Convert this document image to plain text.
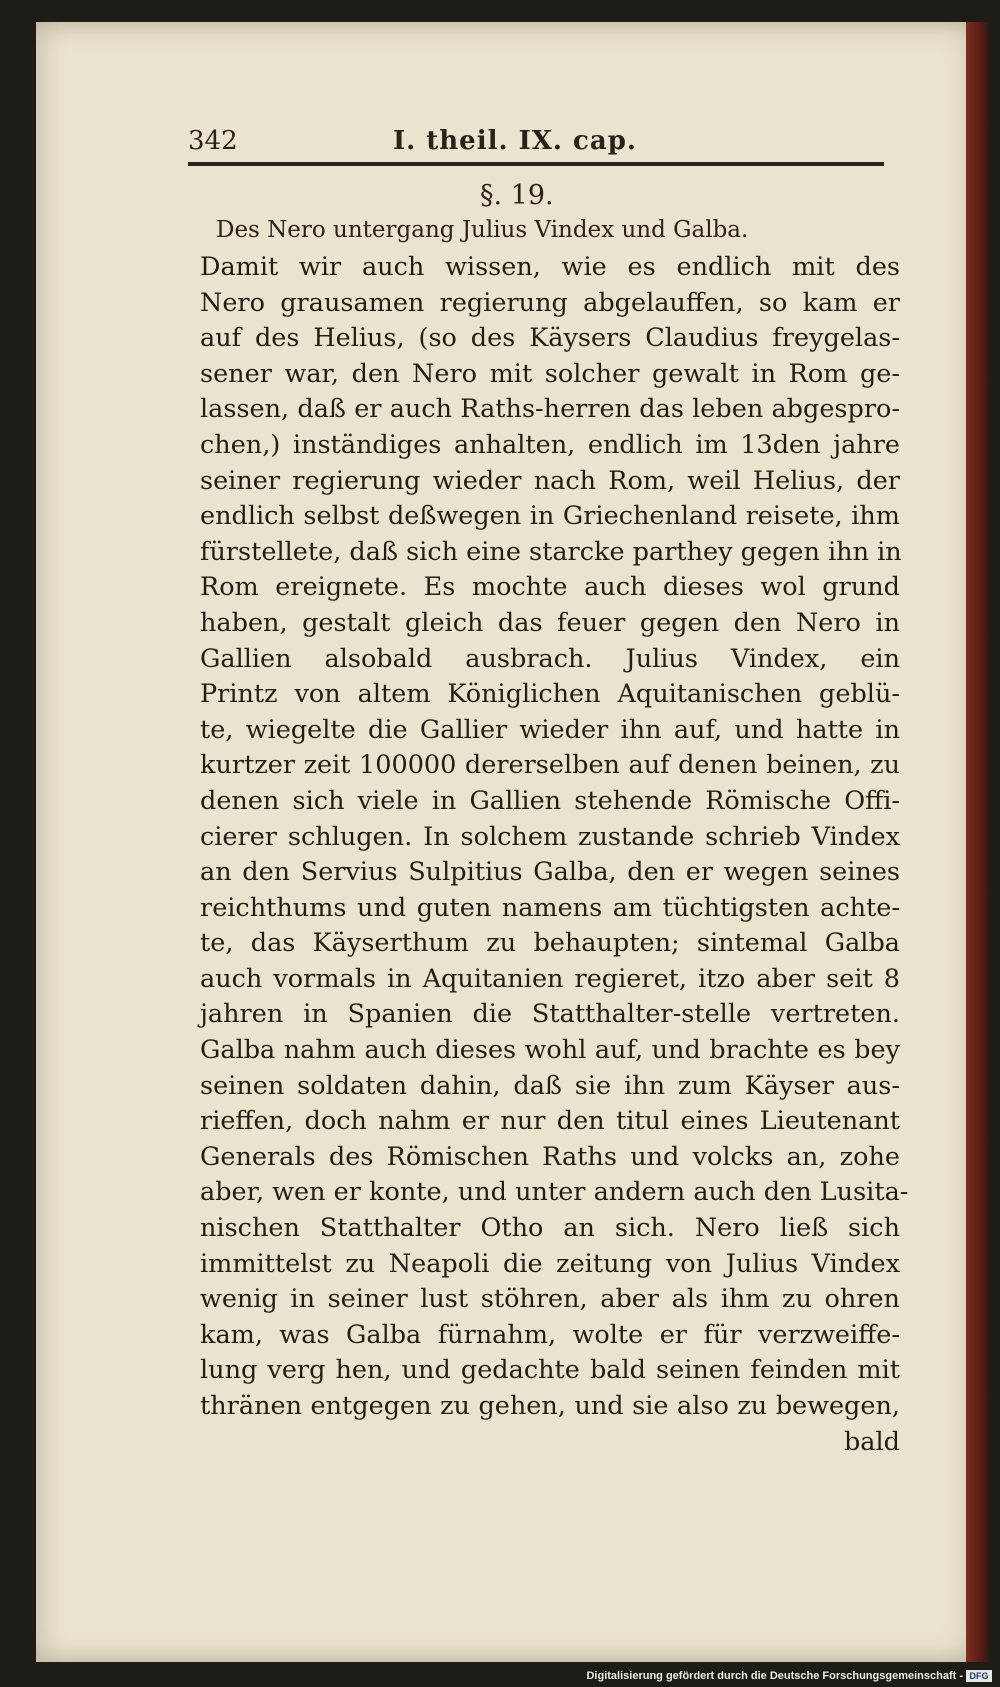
342	I. theil. IX. cap.
§. 19.
Des Nero untergang Julius Vindex und Galba.
Damit wir auch wissen, wie es endlich mit des
Nero grausamen regierung abgelauffen, so kam er
auf des Helius, (so des Käysers Claudius freygelas-
sener war, den Nero mit solcher gewalt in Rom ge-
lassen, daß er auch Raths-herren das leben abgespro-
chen,) inständiges anhalten, endlich im 13den jahre
seiner regierung wieder nach Rom, weil Helius, der
endlich selbst deßwegen in Griechenland reisete, ihm
fürstellete, daß sich eine starcke parthey gegen ihn in
Rom ereignete. Es mochte auch dieses wol grund
haben, gestalt gleich das feuer gegen den Nero in
Gallien alsobald ausbrach. Julius Vindex, ein
Printz von altem Königlichen Aquitanischen geblü-
te, wiegelte die Gallier wieder ihn auf, und hatte in
kurtzer zeit 100000 dererselben auf denen beinen, zu
denen sich viele in Gallien stehende Römische Offi-
cierer schlugen. In solchem zustande schrieb Vindex
an den Servius Sulpitius Galba, den er wegen seines
reichthums und guten namens am tüchtigsten achte-
te, das Käyserthum zu behaupten; sintemal Galba
auch vormals in Aquitanien regieret, itzo aber seit 8
jahren in Spanien die Statthalter-stelle vertreten.
Galba nahm auch dieses wohl auf, und brachte es bey
seinen soldaten dahin, daß sie ihn zum Käyser aus-
rieffen, doch nahm er nur den titul eines Lieutenant
Generals des Römischen Raths und volcks an, zohe
aber, wen er konte, und unter andern auch den Lusita-
nischen Statthalter Otho an sich. Nero ließ sich
immittelst zu Neapoli die zeitung von Julius Vindex
wenig in seiner lust stöhren, aber als ihm zu ohren
kam, was Galba fürnahm, wolte er für verzweiffe-
lung verg hen, und gedachte bald seinen feinden mit
thränen entgegen zu gehen, und sie also zu bewegen,
bald
Digitalisierung gefördert durch die Deutsche Forschungsgemeinschaft - DFG
